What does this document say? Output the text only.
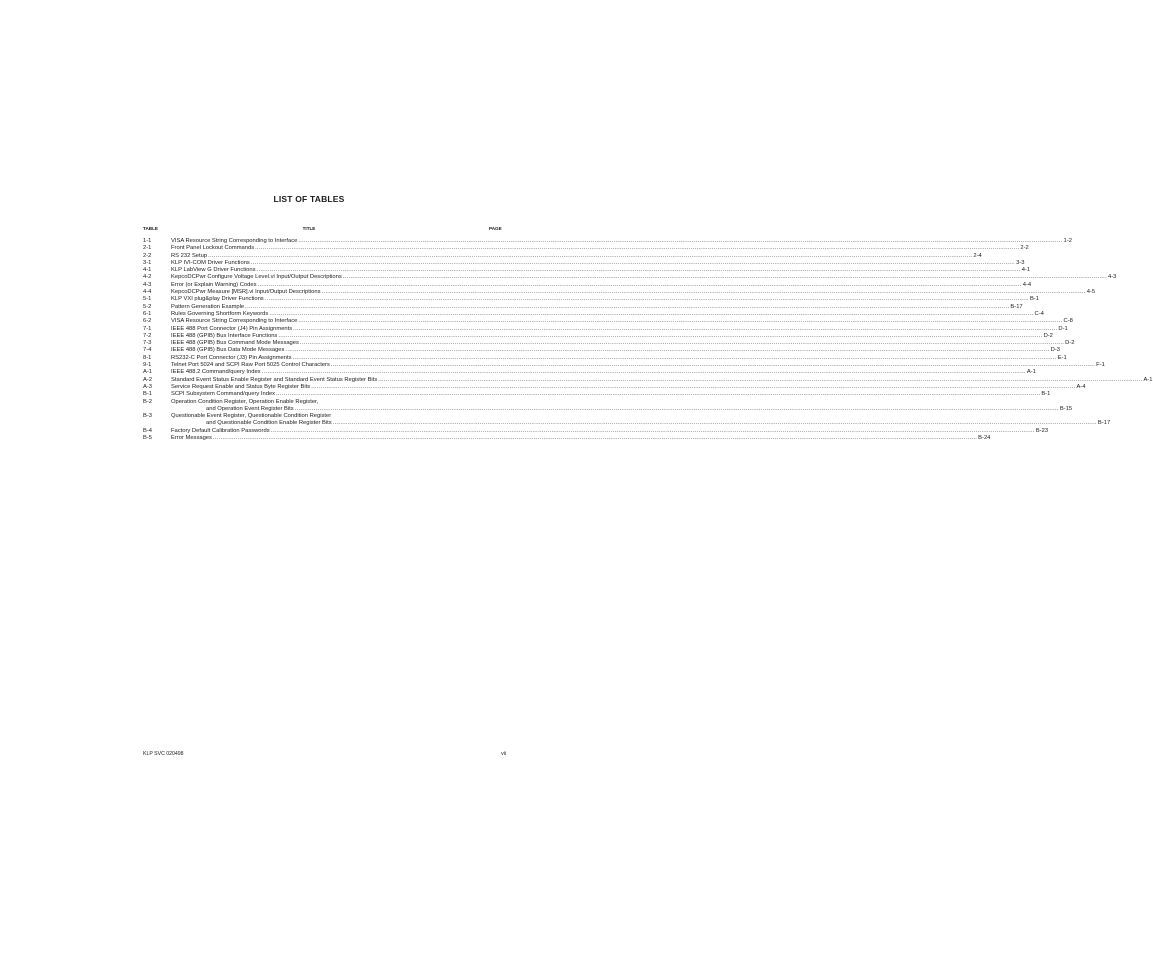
LIST OF TABLES
TABLE	TITLE	PAGE
1-1	VISA Resource String Corresponding to Interface ................................................................................................................................................................................................................................................................................................................................................................................................................ 1-2
2-1	Front Panel Lockout Commands ................................................................................................................................................................................................................................................................................................................................................................................................................ 2-2
2-2	RS 232 Setup ................................................................................................................................................................................................................................................................................................................................................................................................................ 2-4
3-1	KLP IVI-COM Driver Functions ................................................................................................................................................................................................................................................................................................................................................................................................................ 3-3
4-1	KLP LabView G Driver Functions ................................................................................................................................................................................................................................................................................................................................................................................................................ 4-1
4-2	KepcoDCPwr Configure Voltage Level.vi Input/Output Descriptions ................................................................................................................................................................................................................................................................................................................................................................................................................ 4-3
4-3	Error (or Explain Warning) Codes ................................................................................................................................................................................................................................................................................................................................................................................................................ 4-4
4-4	KepcoDCPwr Measure [MSR].vi Input/Output Descriptions ................................................................................................................................................................................................................................................................................................................................................................................................................ 4-5
5-1	KLP VXI plug&play Driver Functions ................................................................................................................................................................................................................................................................................................................................................................................................................ B-1
5-2	Pattern Generation Example ................................................................................................................................................................................................................................................................................................................................................................................................................ B-17
6-1	Rules Governing Shortform Keywords ................................................................................................................................................................................................................................................................................................................................................................................................................ C-4
6-2	VISA Resource String Corresponding to Interface ................................................................................................................................................................................................................................................................................................................................................................................................................ C-8
7-1	IEEE 488 Port Connector (J4) Pin Assignments ................................................................................................................................................................................................................................................................................................................................................................................................................ D-1
7-2	IEEE 488 (GPIB) Bus Interface Functions ................................................................................................................................................................................................................................................................................................................................................................................................................ D-2
7-3	IEEE 488 (GPIB) Bus Command Mode Messages ................................................................................................................................................................................................................................................................................................................................................................................................................ D-2
7-4	IEEE 488 (GPIB) Bus Data Mode Messages ................................................................................................................................................................................................................................................................................................................................................................................................................ D-3
8-1	RS232-C Port Connector (J3) Pin Assignments ................................................................................................................................................................................................................................................................................................................................................................................................................ E-1
9-1	Telnet Port 5024 and SCPI Raw Port 5025 Control Characters ................................................................................................................................................................................................................................................................................................................................................................................................................ F-1
A-1	IEEE 488.2 Command/query Index ................................................................................................................................................................................................................................................................................................................................................................................................................ A-1
A-2	Standard Event Status Enable Register and Standard Event Status Register Bits ................................................................................................................................................................................................................................................................................................................................................................................................................ A-1
A-3	Service Request Enable and Status Byte Register Bits ................................................................................................................................................................................................................................................................................................................................................................................................................ A-4
B-1	SCPI Subsystem Command/query Index ................................................................................................................................................................................................................................................................................................................................................................................................................ B-1
B-2	Operation Condition Register, Operation Enable Register,
and Operation Event Register Bits ................................................................................................................................................................................................................................................................................................................................................................................................................ B-15
B-3	Questionable Event Register, Questionable Condition Register
and Questionable Condition Enable Register Bits ................................................................................................................................................................................................................................................................................................................................................................................................................ B-17
B-4	Factory Default Calibration Passwords ................................................................................................................................................................................................................................................................................................................................................................................................................ B-23
B-5	Error Messages ................................................................................................................................................................................................................................................................................................................................................................................................................ B-24
KLP SVC 020498	vii
